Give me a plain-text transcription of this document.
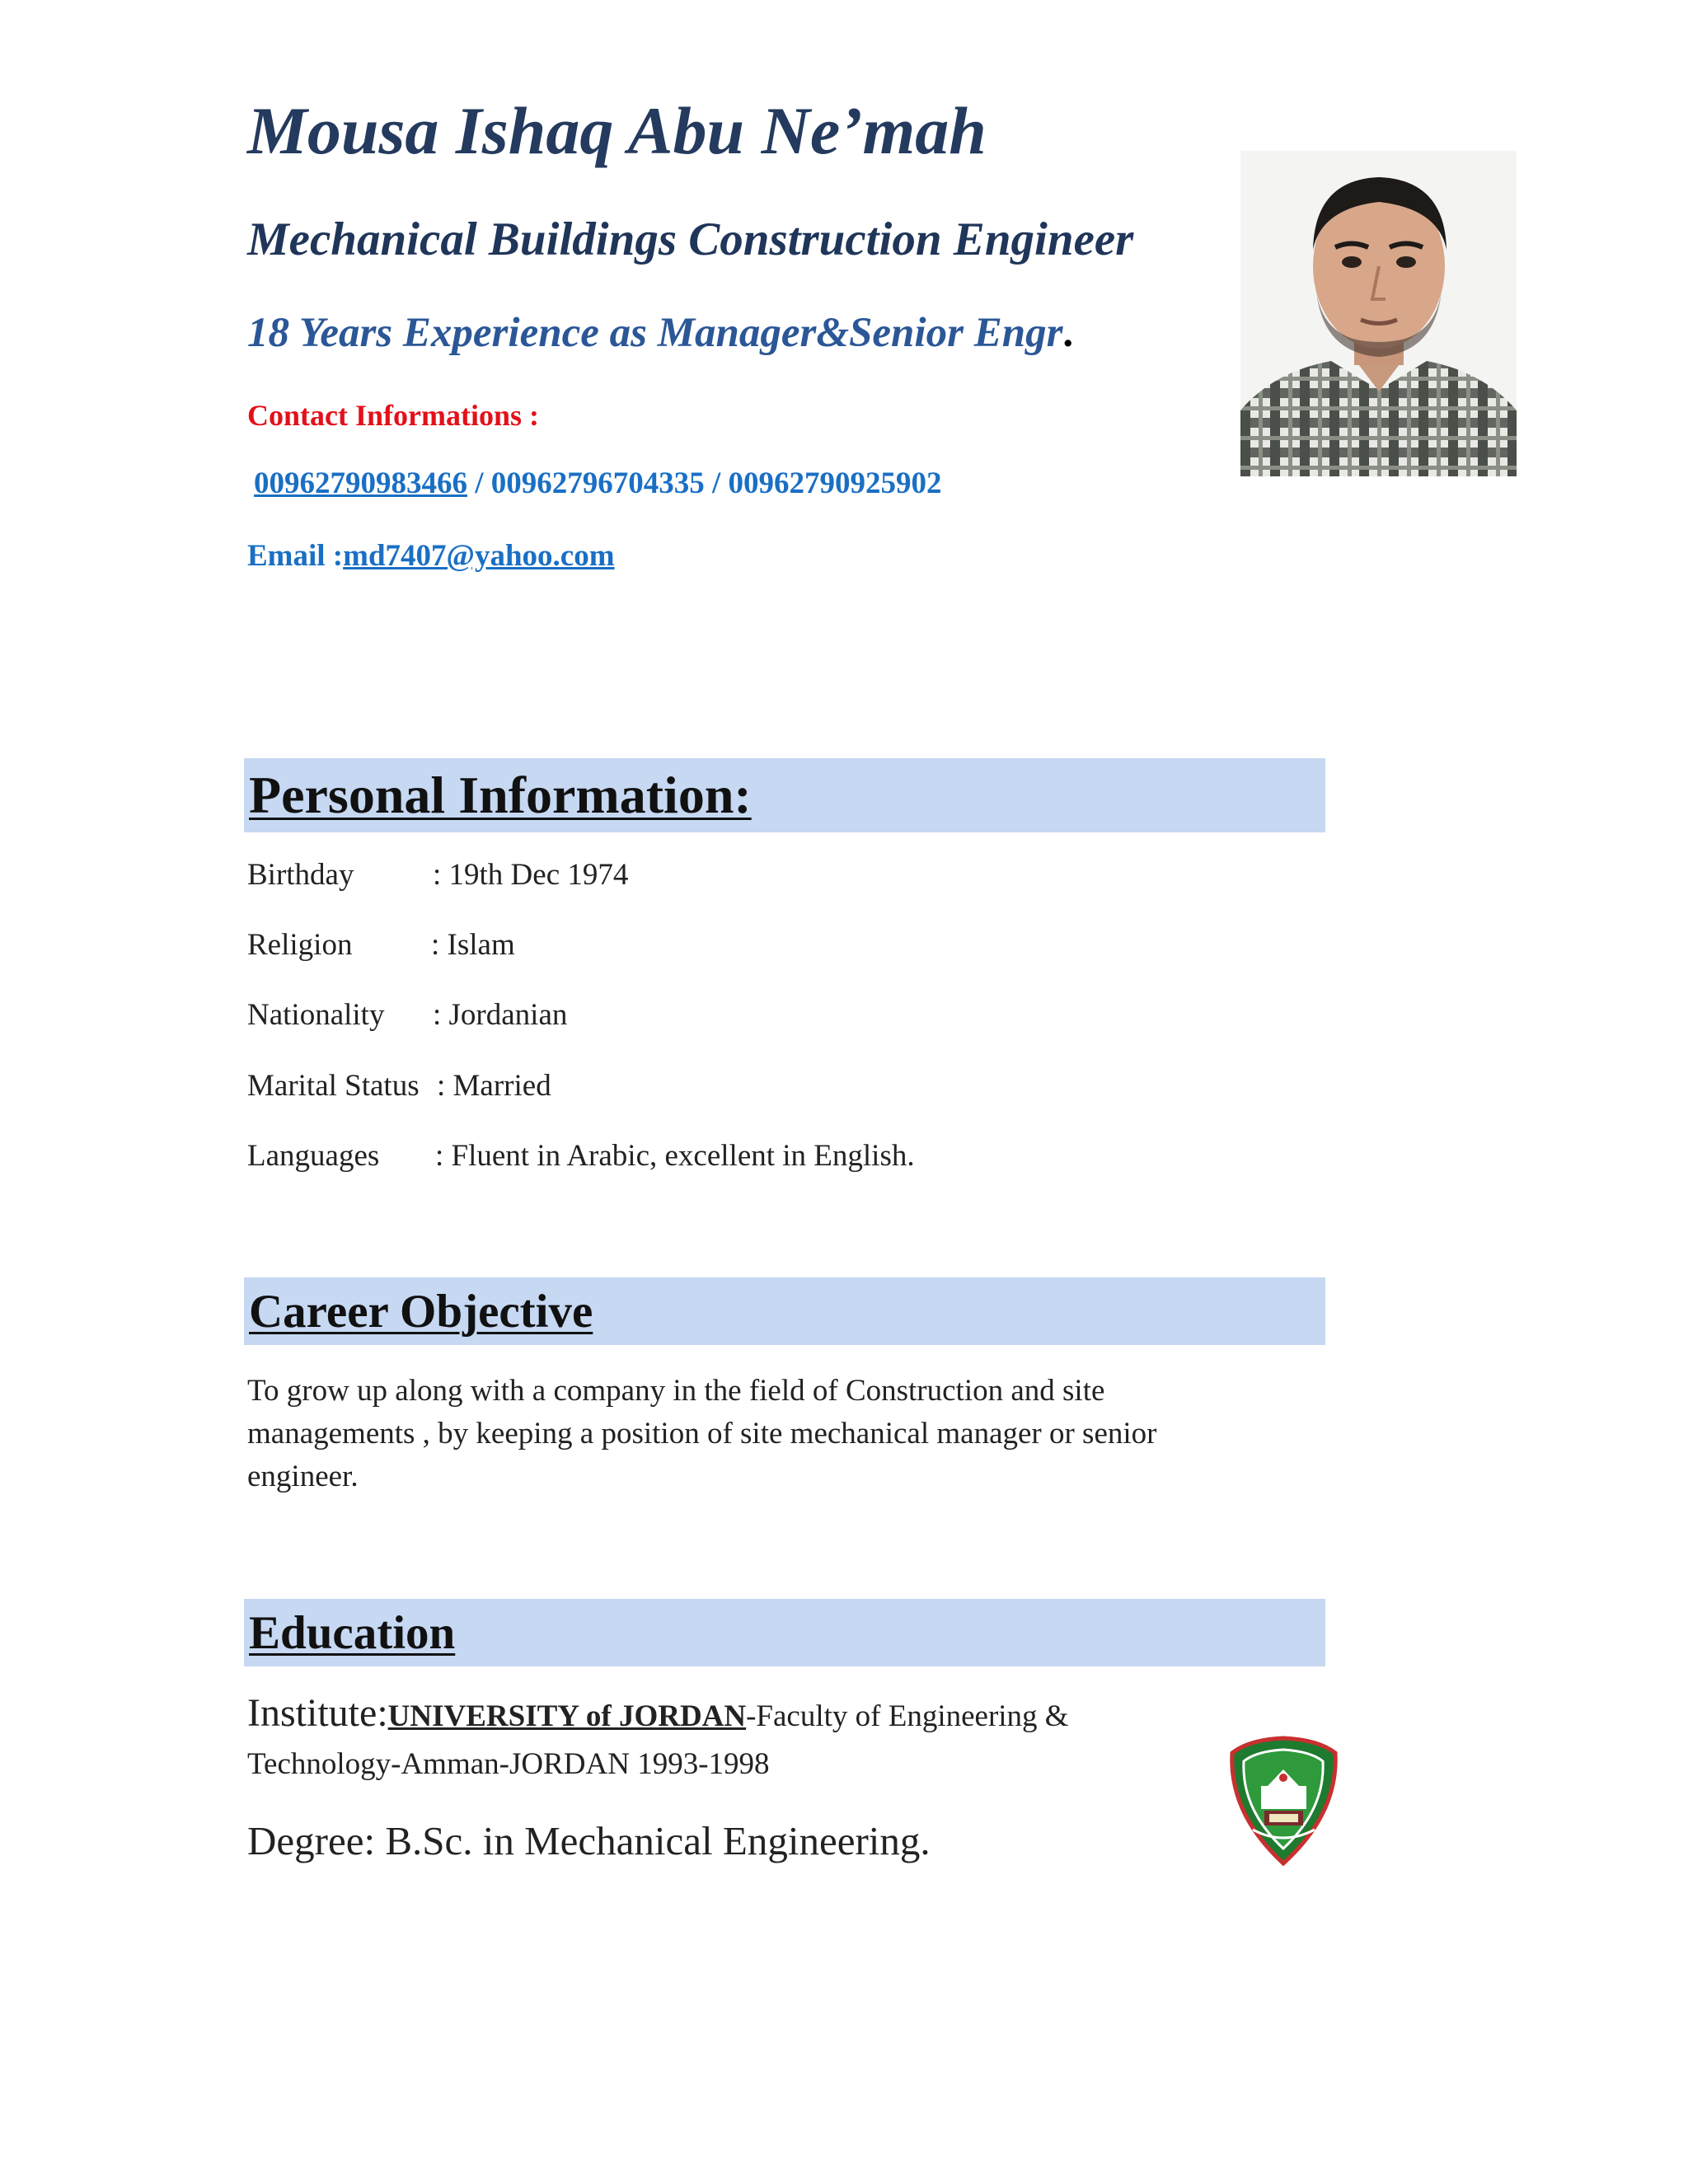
Mousa Ishaq Abu Ne’mah
Mechanical Buildings Construction Engineer
18 Years Experience as Manager&Senior Engr.
Contact Informations :
00962790983466 / 00962796704335 / 00962790925902
Email :md7407@yahoo.com
Personal Information:
Birthday	: 19th Dec 1974
Religion	: Islam
Nationality : Jordanian
Marital Status : Married
Languages : Fluent in Arabic, excellent in English.
Career Objective
To grow up along with a company in the field of Construction and site managements , by keeping a position of site mechanical manager or senior engineer.
Education
Institute:UNIVERSITY of JORDAN-Faculty of Engineering & Technology-Amman-JORDAN 1993-1998
Degree: B.Sc. in Mechanical Engineering.
